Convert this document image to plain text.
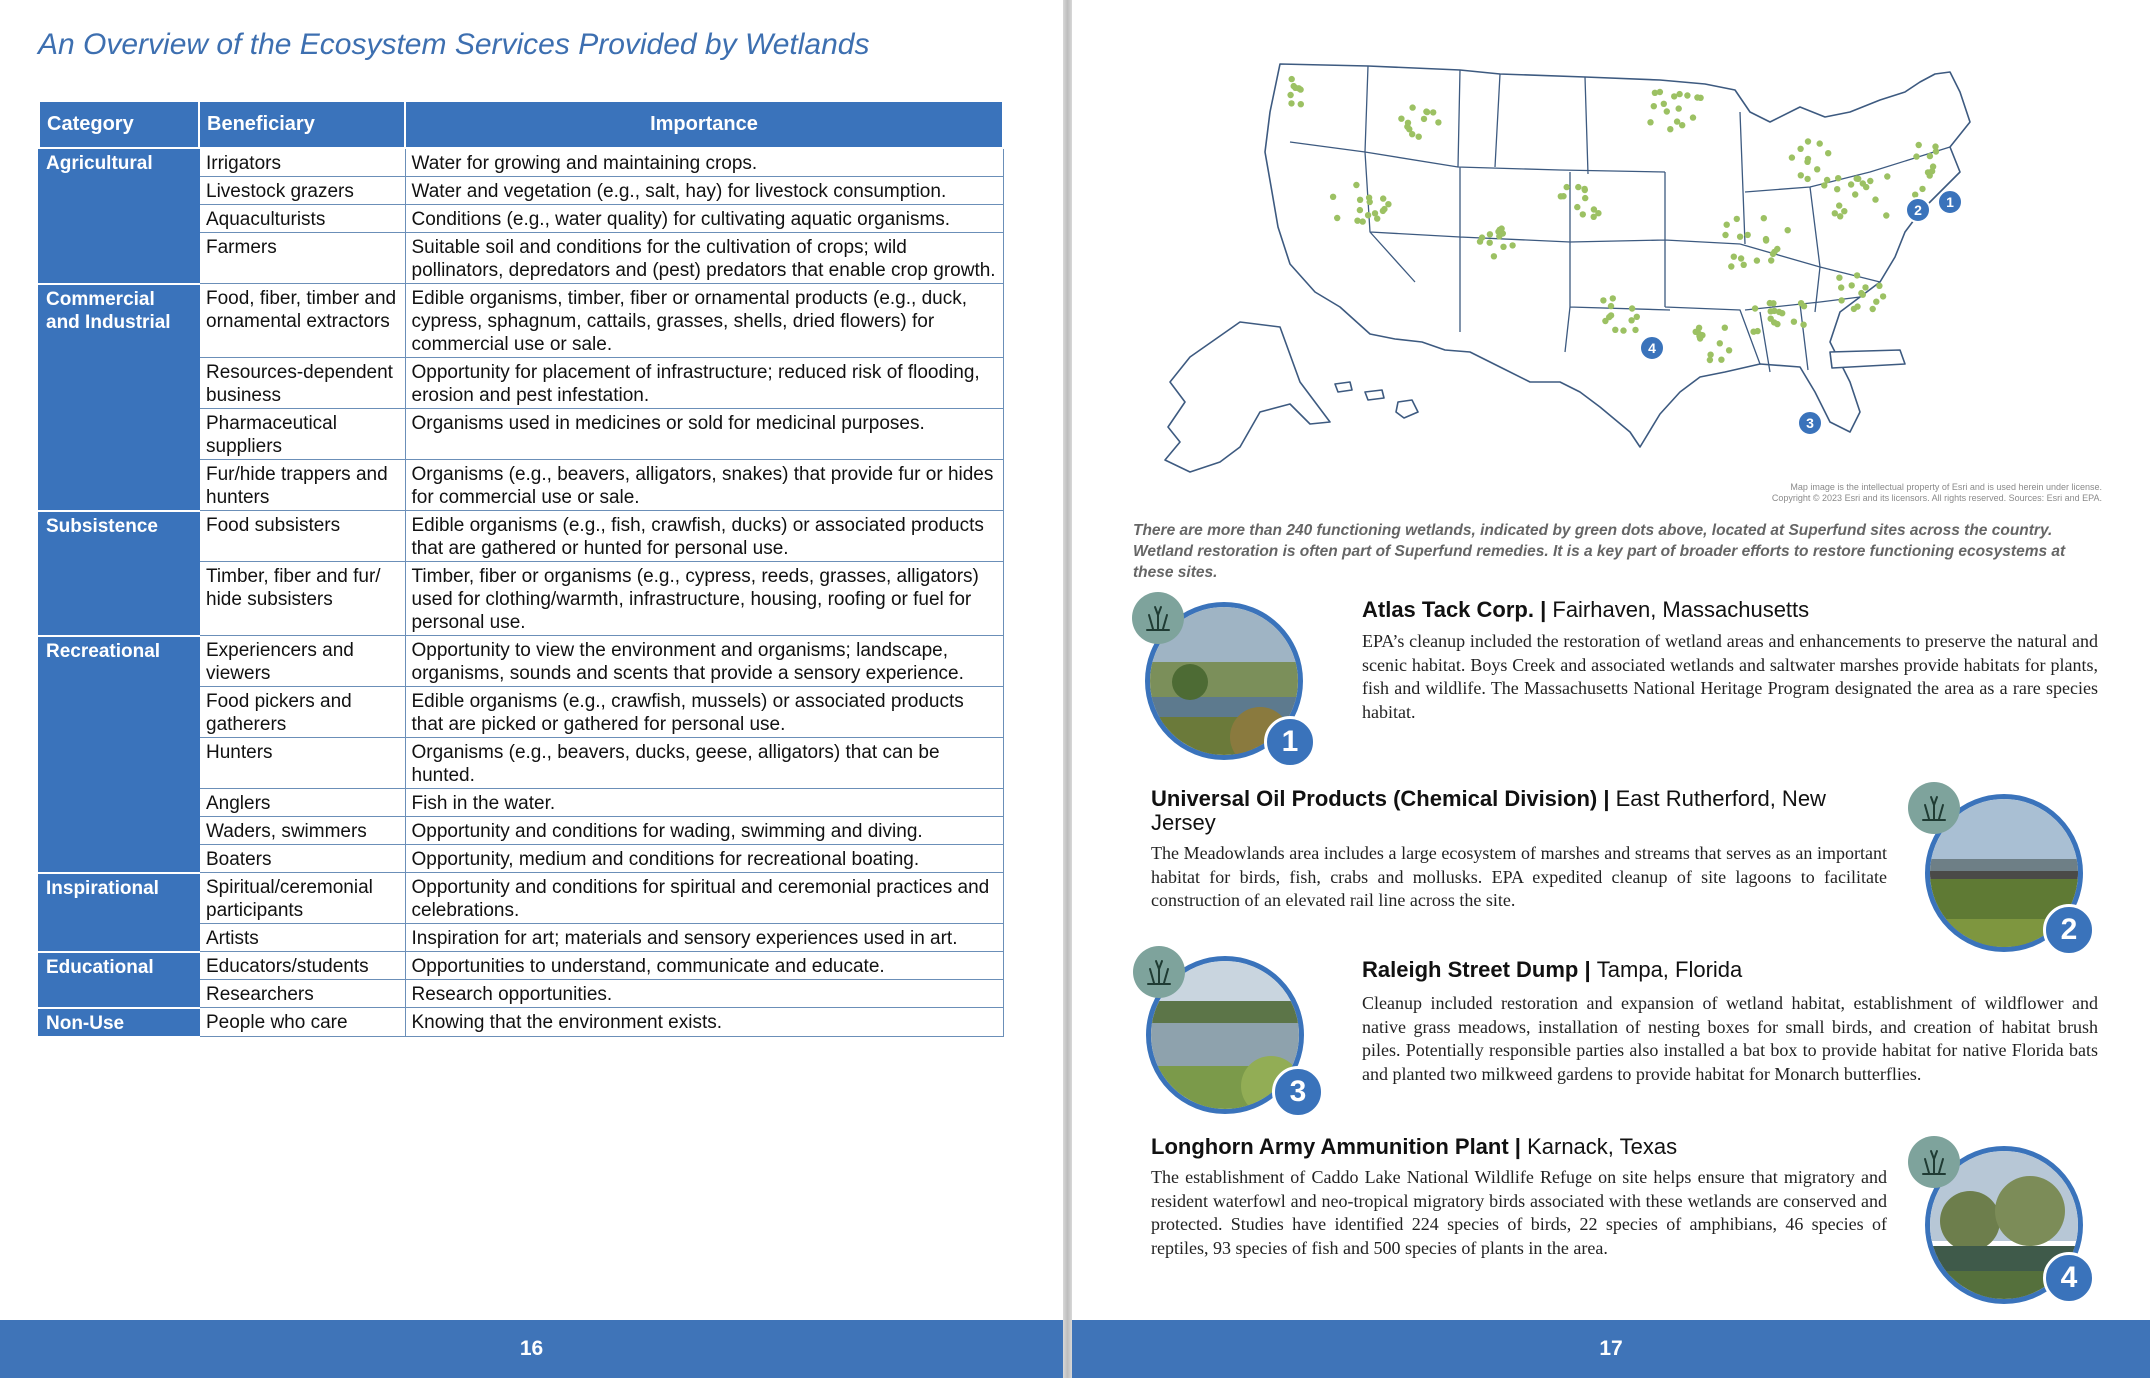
An Overview of the Ecosystem Services Provided by Wetlands
Category	Beneficiary	Importance
Agricultural	Irrigators	Water for growing and maintaining crops.
	Livestock grazers	Water and vegetation (e.g., salt, hay) for livestock consumption.
	Aquaculturists	Conditions (e.g., water quality) for cultivating aquatic organisms.
	Farmers	Suitable soil and conditions for the cultivation of crops; wild pollinators, depredators and (pest) predators that enable crop growth.
Commercial and Industrial	Food, fiber, timber and ornamental extractors	Edible organisms, timber, fiber or ornamental products (e.g., duck, cypress, sphagnum, cattails, grasses, shells, dried flowers) for commercial use or sale.
	Resources-dependent business	Opportunity for placement of infrastructure; reduced risk of flooding, erosion and pest infestation.
	Pharmaceutical suppliers	Organisms used in medicines or sold for medicinal purposes.
	Fur/hide trappers and hunters	Organisms (e.g., beavers, alligators, snakes) that provide fur or hides for commercial use or sale.
Subsistence	Food subsisters	Edible organisms (e.g., fish, crawfish, ducks) or associated products that are gathered or hunted for personal use.
	Timber, fiber and fur/ hide subsisters	Timber, fiber or organisms (e.g., cypress, reeds, grasses, alligators) used for clothing/warmth, infrastructure, housing, roofing or fuel for personal use.
Recreational	Experiencers and viewers	Opportunity to view the environment and organisms; landscape, organisms, sounds and scents that provide a sensory experience.
	Food pickers and gatherers	Edible organisms (e.g., crawfish, mussels) or associated products that are picked or gathered for personal use.
	Hunters	Organisms (e.g., beavers, ducks, geese, alligators) that can be hunted.
	Anglers	Fish in the water.
	Waders, swimmers	Opportunity and conditions for wading, swimming and diving.
	Boaters	Opportunity, medium and conditions for recreational boating.
Inspirational	Spiritual/ceremonial participants	Opportunity and conditions for spiritual and ceremonial practices and celebrations.
	Artists	Inspiration for art; materials and sensory experiences used in art.
Educational	Educators/students	Opportunities to understand, communicate and educate.
	Researchers	Research opportunities.
Non-Use	People who care	Knowing that the environment exists.
16
1
2
3
4
Map image is the intellectual property of Esri and is used herein under license.
Copyright © 2023 Esri and its licensors. All rights reserved. Sources: Esri and EPA.
There are more than 240 functioning wetlands, indicated by green dots above, located at Superfund sites across the country. Wetland restoration is often part of Superfund remedies. It is a key part of broader efforts to restore functioning ecosystems at these sites.
1
Atlas Tack Corp. | Fairhaven, Massachusetts
EPA’s cleanup included the restoration of wetland areas and enhancements to preserve the natural and scenic habitat. Boys Creek and associated wetlands and saltwater marshes provide habitats for plants, fish and wildlife. The Massachusetts National Heritage Program designated the area as a rare species habitat.
Universal Oil Products (Chemical Division) | East Rutherford, New Jersey
The Meadowlands area includes a large ecosystem of marshes and streams that serves as an important habitat for birds, fish, crabs and mollusks. EPA expedited cleanup of site lagoons to facilitate construction of an elevated rail line across the site.
2
3
Raleigh Street Dump | Tampa, Florida
Cleanup included restoration and expansion of wetland habitat, establishment of wildflower and native grass meadows, installation of nesting boxes for small birds, and creation of habitat brush piles. Potentially responsible parties also installed a bat box to provide habitat for native Florida bats and planted two milkweed gardens to provide habitat for Monarch butterflies.
Longhorn Army Ammunition Plant | Karnack, Texas
The establishment of Caddo Lake National Wildlife Refuge on site helps ensure that migratory and resident waterfowl and neo-tropical migratory birds associated with these wetlands are conserved and protected. Studies have identified 224 species of birds, 22 species of amphibians, 46 species of reptiles, 93 species of fish and 500 species of plants in the area.
4
17
